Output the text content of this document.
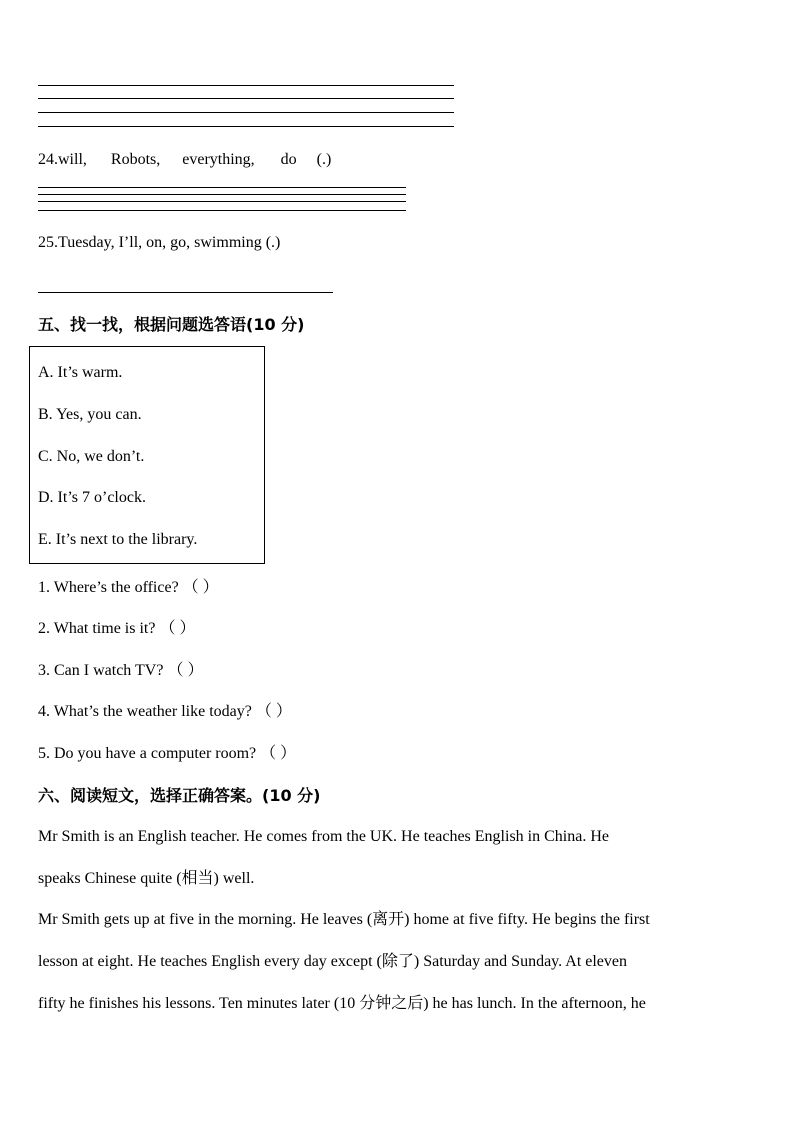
24.will, Robots, everything, do (.)
25.Tuesday, I’ll, on, go, swimming (.)
五、找一找，根据问题选答语(10 分)
A. It’s warm.
B. Yes, you can.
C. No, we don’t.
D. It’s 7 o’clock.
E. It’s next to the library.
1. Where’s the office? （ ）
2. What time is it? （ ）
3. Can I watch TV? （ ）
4. What’s the weather like today? （ ）
5. Do you have a computer room? （ ）
六、阅读短文，选择正确答案。(10 分)
Mr Smith is an English teacher. He comes from the UK. He teaches English in China. He
speaks Chinese quite (相当) well.
Mr Smith gets up at five in the morning. He leaves (离开) home at five fifty. He begins the first
lesson at eight. He teaches English every day except (除了) Saturday and Sunday. At eleven
fifty he finishes his lessons. Ten minutes later (10 分钟之后) he has lunch. In the afternoon, he
